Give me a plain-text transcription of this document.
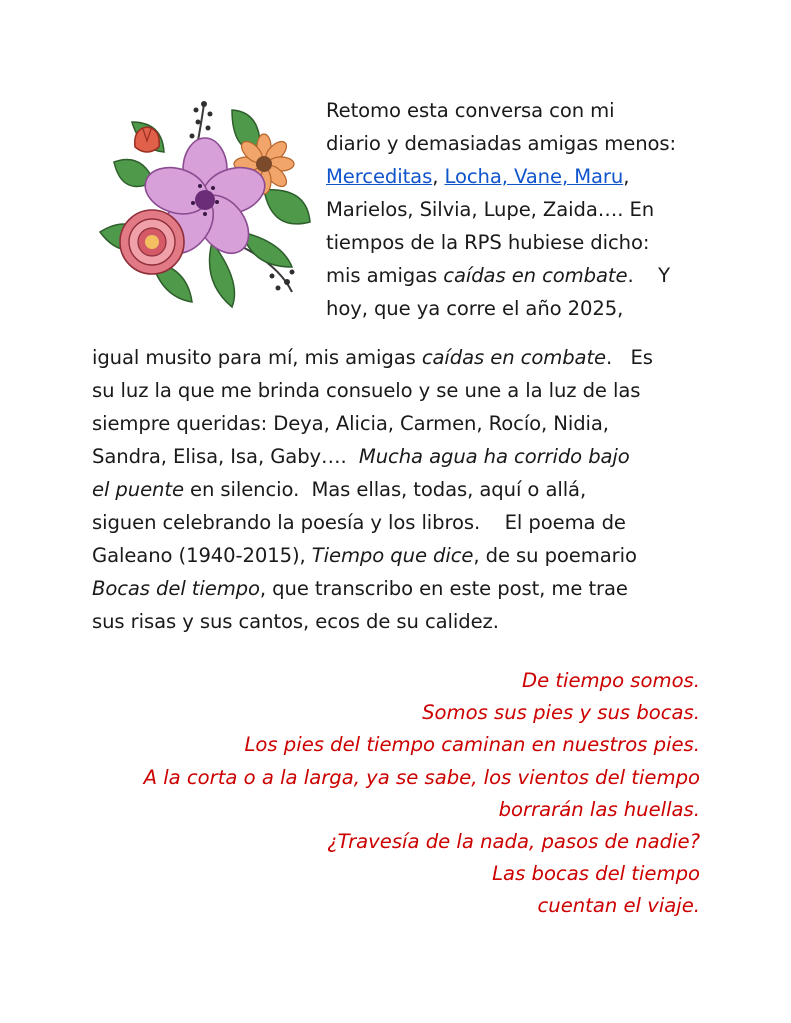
Retomo esta conversa con mi
diario y demasiadas amigas menos:
Merceditas, Locha, Vane, Maru,
Marielos, Silvia, Lupe, Zaida…. En
tiempos de la RPS hubiese dicho:
mis amigas caídas en combate.    Y
hoy, que ya corre el año 2025,

igual musito para mí, mis amigas caídas en combate.   Es
su luz la que me brinda consuelo y se une a la luz de las
siempre queridas: Deya, Alicia, Carmen, Rocío, Nidia,
Sandra, Elisa, Isa, Gaby….  Mucha agua ha corrido bajo
el puente en silencio.  Mas ellas, todas, aquí o allá,
siguen celebrando la poesía y los libros.    El poema de
Galeano (1940-2015), Tiempo que dice, de su poemario
Bocas del tiempo, que transcribo en este post, me trae
sus risas y sus cantos, ecos de su calidez.

De tiempo somos.
Somos sus pies y sus bocas.
Los pies del tiempo caminan en nuestros pies.
A la corta o a la larga, ya se sabe, los vientos del tiempo
borrarán las huellas.
¿Travesía de la nada, pasos de nadie?
Las bocas del tiempo
cuentan el viaje.
